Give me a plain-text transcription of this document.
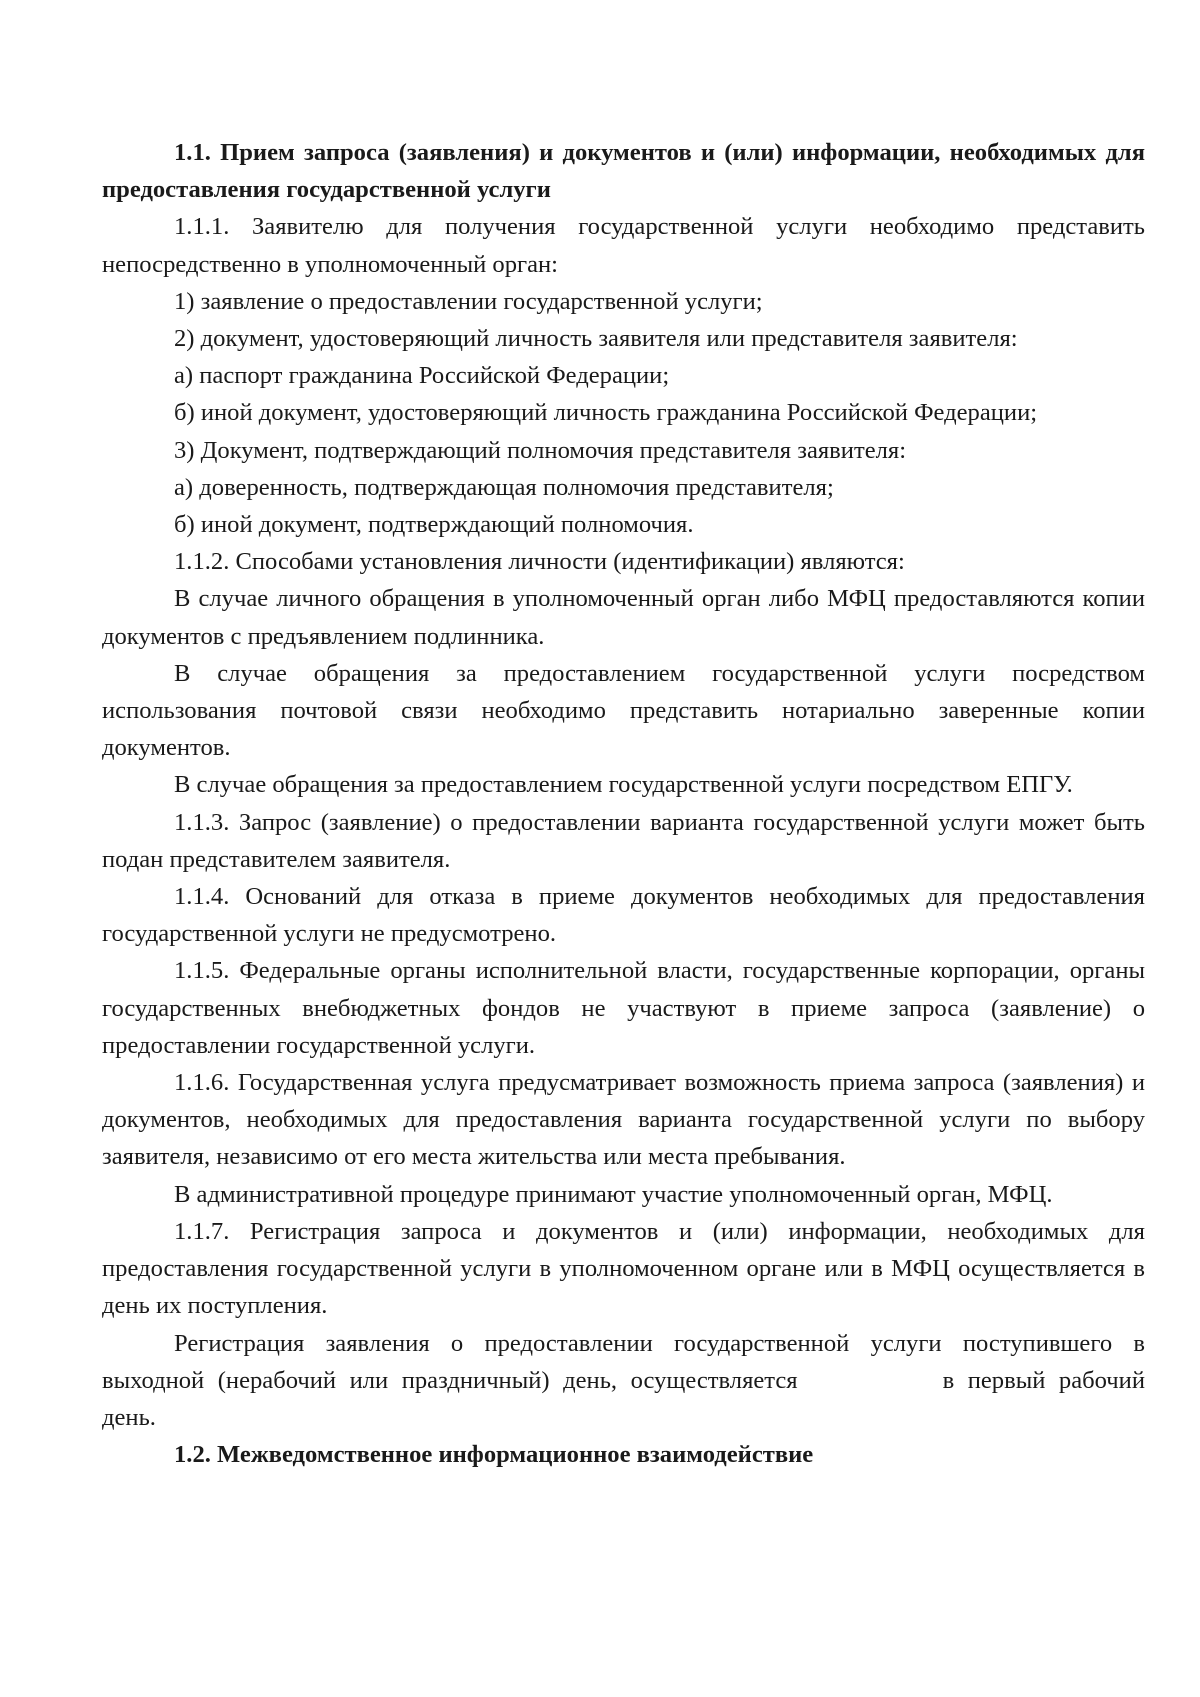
1.1. Прием запроса (заявления) и документов и (или) информации, необходимых для предоставления государственной услуги

1.1.1. Заявителю для получения государственной услуги необходимо представить непосредственно в уполномоченный орган:

1) заявление о предоставлении государственной услуги;

2) документ, удостоверяющий личность заявителя или представителя заявителя:

а) паспорт гражданина Российской Федерации;

б) иной документ, удостоверяющий личность гражданина Российской Федерации;

3) Документ, подтверждающий полномочия представителя заявителя:

а) доверенность, подтверждающая полномочия представителя;

б) иной документ, подтверждающий полномочия.

1.1.2. Способами установления личности (идентификации) являются:

В случае личного обращения в уполномоченный орган либо МФЦ предоставляются копии документов с предъявлением подлинника.

В случае обращения за предоставлением государственной услуги посредством использования почтовой связи необходимо представить нотариально заверенные копии документов.

В случае обращения за предоставлением государственной услуги посредством ЕПГУ.

1.1.3. Запрос (заявление) о предоставлении варианта государственной услуги может быть подан представителем заявителя.

1.1.4. Оснований для отказа в приеме документов необходимых для предоставления государственной услуги не предусмотрено.

1.1.5. Федеральные органы исполнительной власти, государственные корпорации, органы государственных внебюджетных фондов не участвуют в приеме запроса (заявление) о предоставлении государственной услуги.

1.1.6. Государственная услуга предусматривает возможность приема запроса (заявления) и документов, необходимых для предоставления варианта государственной услуги по выбору заявителя, независимо от его места жительства или места пребывания.

В административной процедуре принимают участие уполномоченный орган, МФЦ.

1.1.7. Регистрация запроса и документов и (или) информации, необходимых для предоставления государственной услуги в уполномоченном органе или в МФЦ осуществляется в день их поступления.

Регистрация заявления о предоставлении государственной услуги поступившего в выходной (нерабочий или праздничный) день, осуществляется	в первый рабочий день.

1.2. Межведомственное информационное взаимодействие
